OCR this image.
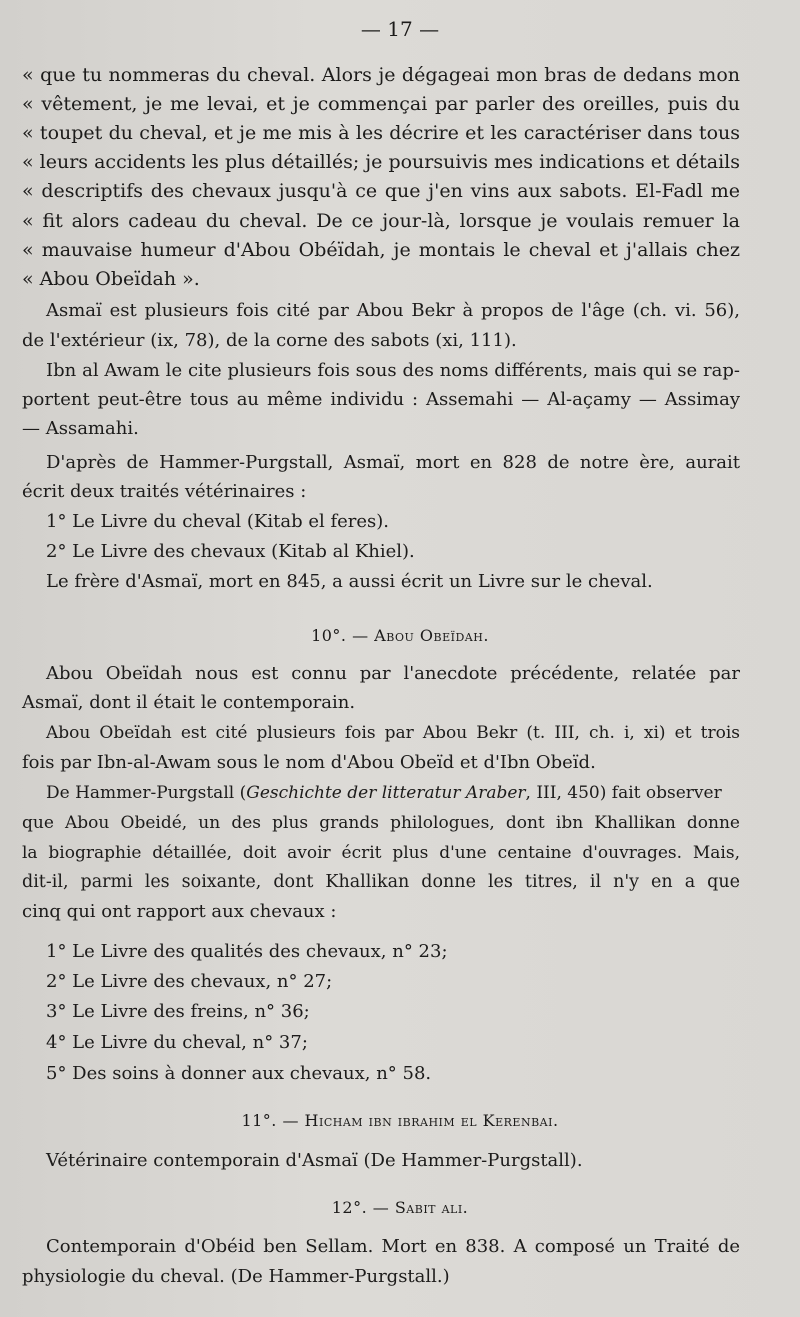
— 17 —
« que tu nommeras du cheval. Alors je dégageai mon bras de dedans mon
« vêtement, je me levai, et je commençai par parler des oreilles, puis du
« toupet du cheval, et je me mis à les décrire et les caractériser dans tous
« leurs accidents les plus détaillés; je poursuivis mes indications et détails
« descriptifs des chevaux jusqu'à ce que j'en vins aux sabots. El-Fadl me
« fit alors cadeau du cheval. De ce jour-là, lorsque je voulais remuer la
« mauvaise humeur d'Abou Obéïdah, je montais le cheval et j'allais chez
« Abou Obeïdah ».
Asmaï est plusieurs fois cité par Abou Bekr à propos de l'âge (ch. vi. 56),
de l'extérieur (ix, 78), de la corne des sabots (xi, 111).
Ibn al Awam le cite plusieurs fois sous des noms différents, mais qui se rap-
portent peut-être tous au même individu : Assemahi — Al-açamy — Assimay
— Assamahi.
D'après de Hammer-Purgstall, Asmaï, mort en 828 de notre ère, aurait
écrit deux traités vétérinaires :
1° Le Livre du cheval (Kitab el feres).
2° Le Livre des chevaux (Kitab al Khiel).
Le frère d'Asmaï, mort en 845, a aussi écrit un Livre sur le cheval.
10°. — Abou Obeïdah.
Abou Obeïdah nous est connu par l'anecdote précédente, relatée par
Asmaï, dont il était le contemporain.
Abou Obeïdah est cité plusieurs fois par Abou Bekr (t. III, ch. i, xi) et trois
fois par Ibn-al-Awam sous le nom d'Abou Obeïd et d'Ibn Obeïd.
De Hammer-Purgstall (Geschichte der litteratur Araber, III, 450) fait observer
que Abou Obeidé, un des plus grands philologues, dont ibn Khallikan donne
la biographie détaillée, doit avoir écrit plus d'une centaine d'ouvrages. Mais,
dit-il, parmi les soixante, dont Khallikan donne les titres, il n'y en a que
cinq qui ont rapport aux chevaux :
1° Le Livre des qualités des chevaux, n° 23;
2° Le Livre des chevaux, n° 27;
3° Le Livre des freins, n° 36;
4° Le Livre du cheval, n° 37;
5° Des soins à donner aux chevaux, n° 58.
11°. — Hicham ibn ibrahim el Kerenbai.
Vétérinaire contemporain d'Asmaï (De Hammer-Purgstall).
12°. — Sabit ali.
Contemporain d'Obéid ben Sellam. Mort en 838. A composé un Traité de
physiologie du cheval. (De Hammer-Purgstall.)
